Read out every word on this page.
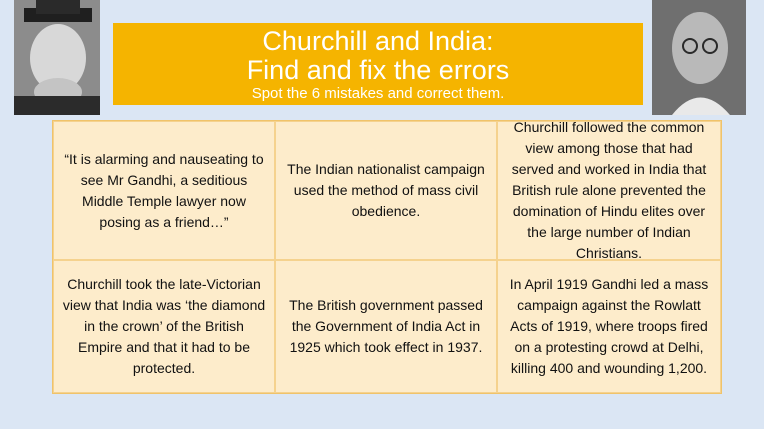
Churchill and India:
Find and fix the errors
Spot the 6 mistakes and correct them.
“It is alarming and nauseating to see Mr Gandhi, a seditious Middle Temple lawyer now posing as a friend…”
The Indian nationalist campaign used the method of mass civil obedience.
Churchill followed the common view among those that had served and worked in India that British rule alone prevented the domination of Hindu elites over the large number of Indian Christians.
Churchill took the late-Victorian view that India was ‘the diamond in the crown’ of the British Empire and that it had to be protected.
The British government passed the Government of India Act in 1925 which took effect in 1937.
In April 1919 Gandhi led a mass campaign against the Rowlatt Acts of 1919, where troops fired on a protesting crowd at Delhi, killing 400 and wounding 1,200.
